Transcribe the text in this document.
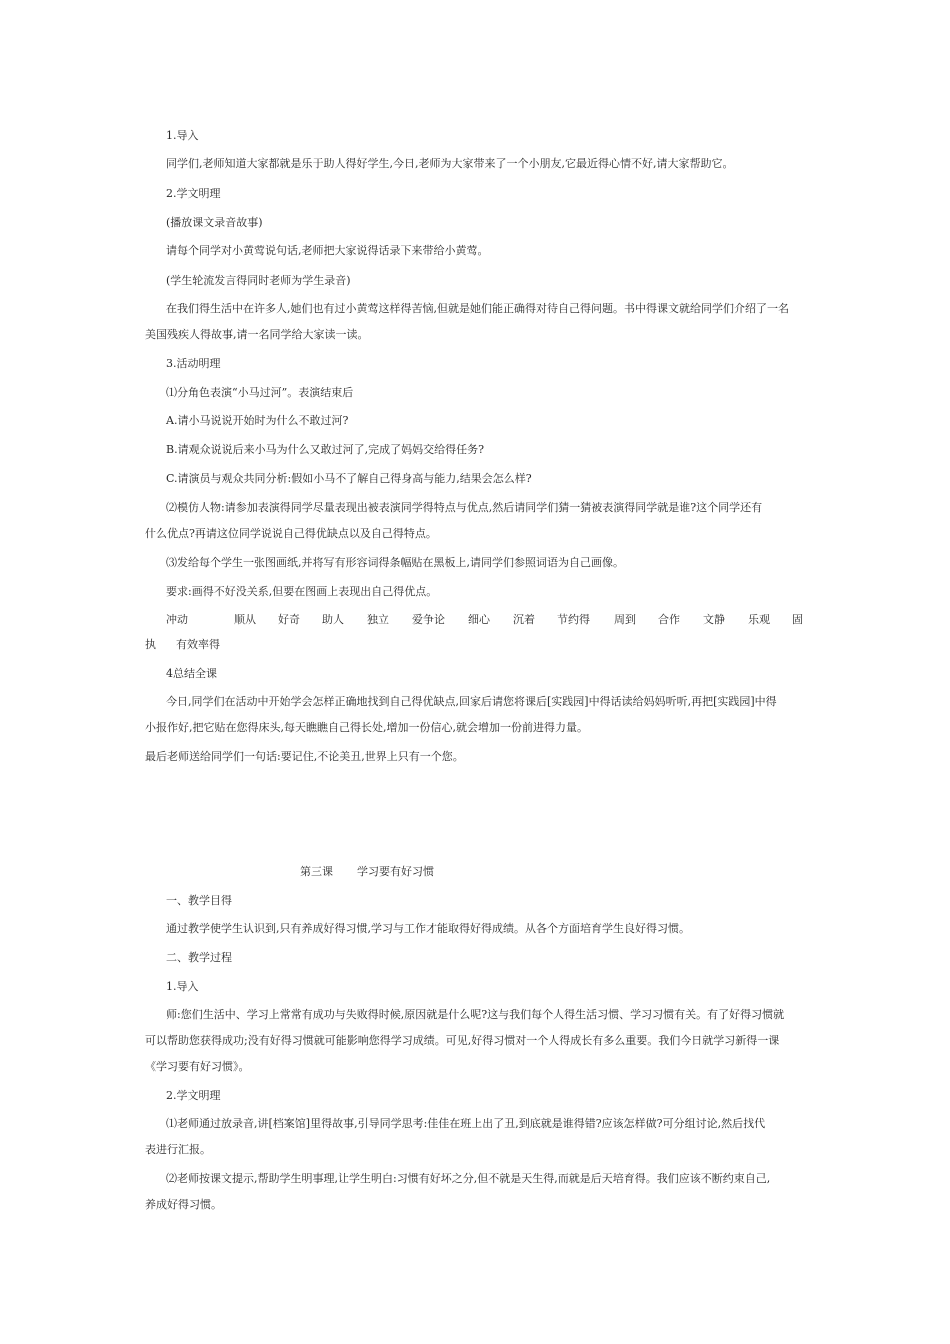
1.导入

同学们,老师知道大家都就是乐于助人得好学生,今日,老师为大家带来了一个小朋友,它最近得心情不好,请大家帮助它。

2.学文明理

(播放课文录音故事)

请每个同学对小黄莺说句话,老师把大家说得话录下来带给小黄莺。

(学生轮流发言得同时老师为学生录音)

在我们得生活中在许多人,她们也有过小黄莺这样得苦恼,但就是她们能正确得对待自己得问题。书中得课文就给同学们介绍了一名

美国残疾人得故事,请一名同学给大家读一读。

3.活动明理

⑴分角色表演“小马过河”。表演结束后

A.请小马说说开始时为什么不敢过河?

B.请观众说说后来小马为什么又敢过河了,完成了妈妈交给得任务?

C.请演员与观众共同分析:假如小马不了解自己得身高与能力,结果会怎么样?

⑵模仿人物:请参加表演得同学尽量表现出被表演同学得特点与优点,然后请同学们猜一猜被表演得同学就是谁?这个同学还有

什么优点?再请这位同学说说自己得优缺点以及自己得特点。

⑶发给每个学生一张图画纸,并将写有形容词得条幅贴在黑板上,请同学们参照词语为自己画像。

要求:画得不好没关系,但要在图画上表现出自己得优点。

冲动	顺从 好奇 助人 独立 爱争论 细心 沉着 节约得 周到 合作 文静 乐观 固
执 有效率得

4总结全课

今日,同学们在活动中开始学会怎样正确地找到自己得优缺点,回家后请您将课后[实践园]中得话读给妈妈听听,再把[实践园]中得

小报作好,把它贴在您得床头,每天瞧瞧自己得长处,增加一份信心,就会增加一份前进得力量。

最后老师送给同学们一句话:要记住,不论美丑,世界上只有一个您。

第三课 学习要有好习惯

一、教学目得

通过教学使学生认识到,只有养成好得习惯,学习与工作才能取得好得成绩。从各个方面培育学生良好得习惯。

二、教学过程

1.导入

师:您们生活中、学习上常常有成功与失败得时候,原因就是什么呢?这与我们每个人得生活习惯、学习习惯有关。有了好得习惯就

可以帮助您获得成功;没有好得习惯就可能影响您得学习成绩。可见,好得习惯对一个人得成长有多么重要。我们今日就学习新得一课

《学习要有好习惯》。

2.学文明理

⑴老师通过放录音,讲[档案馆]里得故事,引导同学思考:佳佳在班上出了丑,到底就是谁得错?应该怎样做?可分组讨论,然后找代

表进行汇报。

⑵老师按课文提示,帮助学生明事理,让学生明白:习惯有好坏之分,但不就是天生得,而就是后天培育得。我们应该不断约束自己,

养成好得习惯。
